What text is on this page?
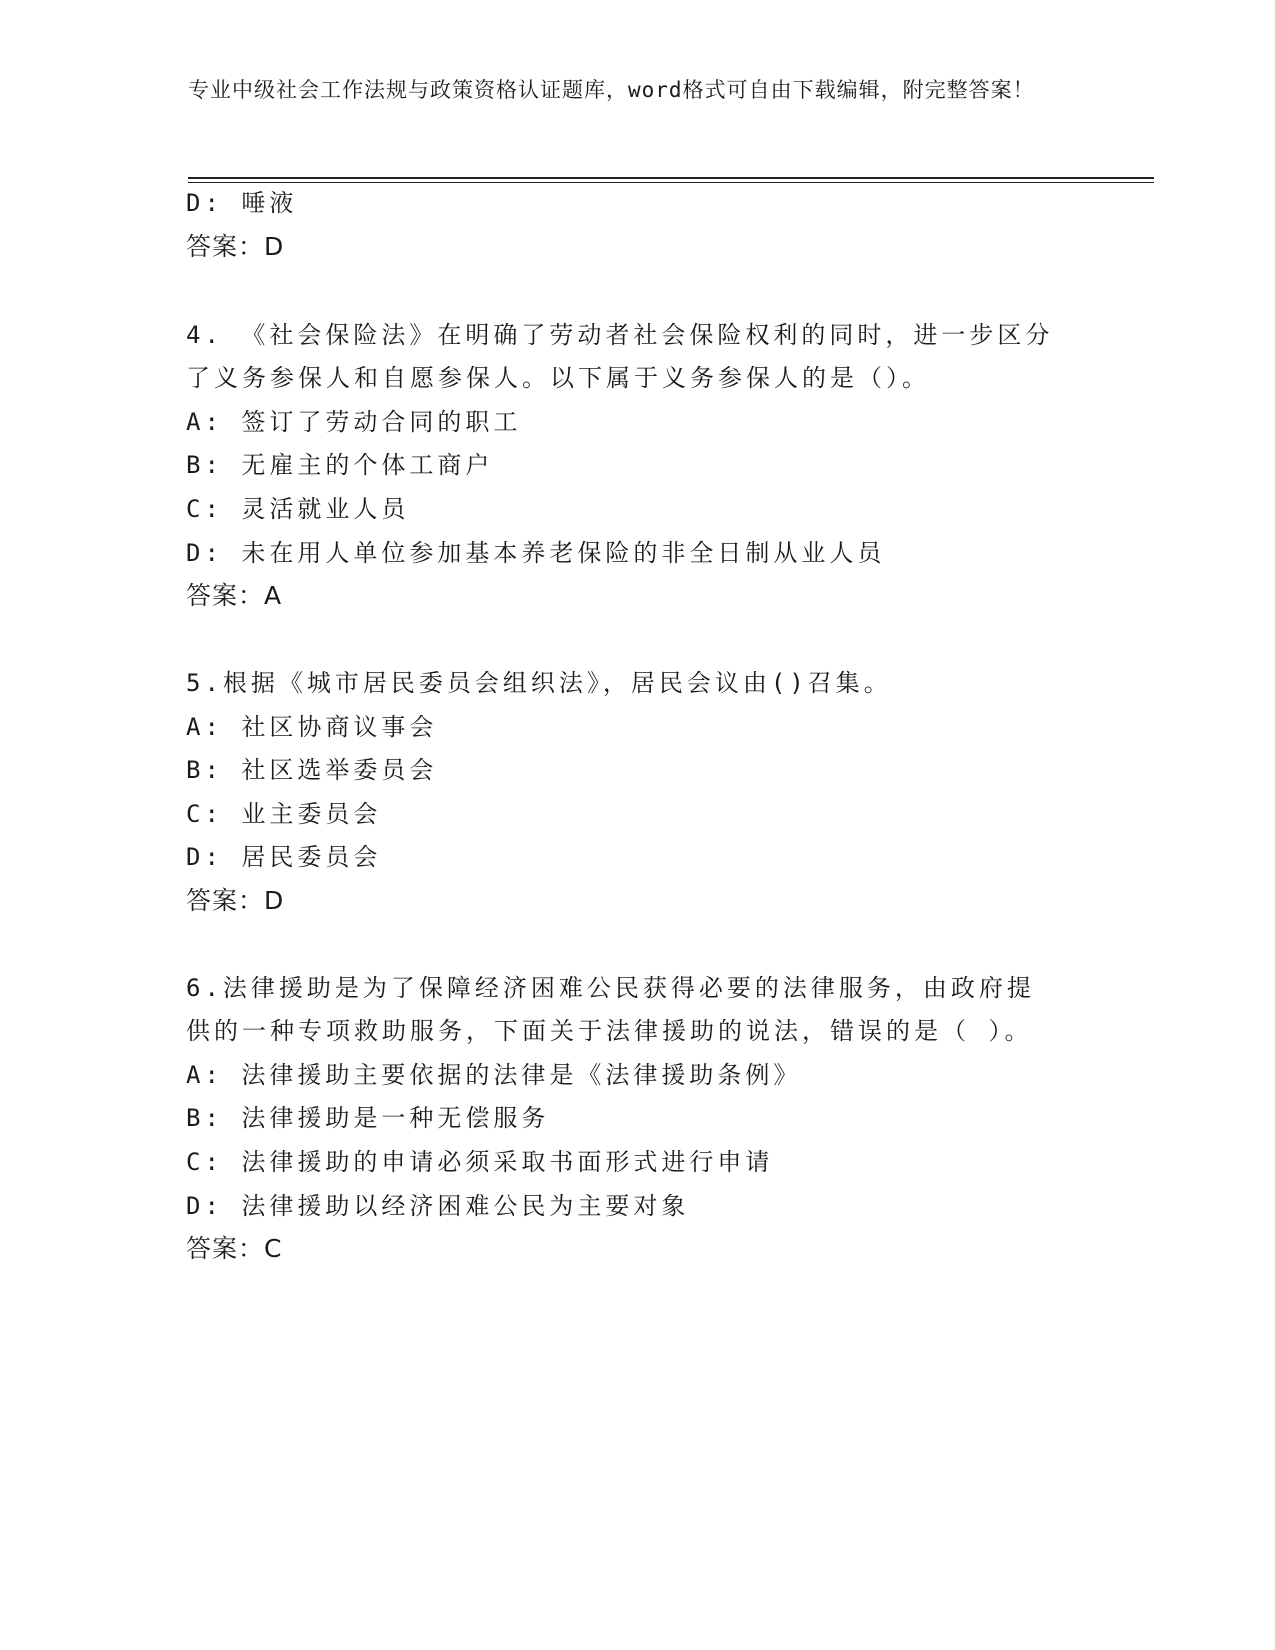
专业中级社会工作法规与政策资格认证题库，word格式可自由下载编辑，附完整答案！
D: 唾液
答案：D
4. 《社会保险法》在明确了劳动者社会保险权利的同时，进一步区分
了义务参保人和自愿参保人。以下属于义务参保人的是（）。
A: 签订了劳动合同的职工
B: 无雇主的个体工商户
C: 灵活就业人员
D: 未在用人单位参加基本养老保险的非全日制从业人员
答案：A
5.根据《城市居民委员会组织法》，居民会议由()召集。
A: 社区协商议事会
B: 社区选举委员会
C: 业主委员会
D: 居民委员会
答案：D
6.法律援助是为了保障经济困难公民获得必要的法律服务，由政府提
供的一种专项救助服务，下面关于法律援助的说法，错误的是（ ）。
A: 法律援助主要依据的法律是《法律援助条例》
B: 法律援助是一种无偿服务
C: 法律援助的申请必须采取书面形式进行申请
D: 法律援助以经济困难公民为主要对象
答案：C
